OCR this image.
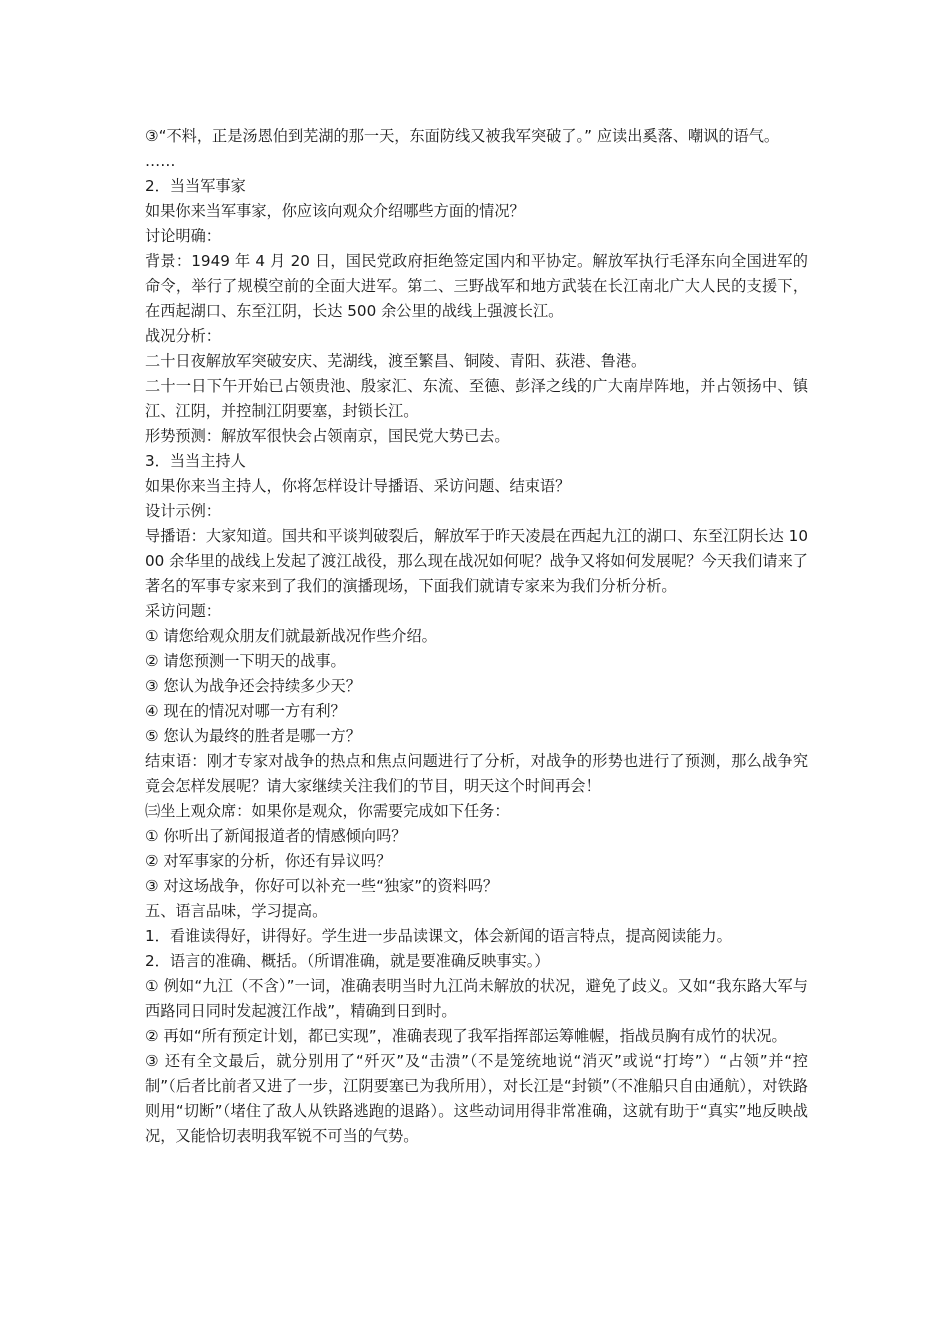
③“不料，正是汤恩伯到芜湖的那一天，东面防线又被我军突破了。” 应读出奚落、嘲讽的语气。

……

2．当当军事家

如果你来当军事家，你应该向观众介绍哪些方面的情况？

讨论明确：

背景：1949 年 4 月 20 日，国民党政府拒绝签定国内和平协定。解放军执行毛泽东向全国进军的命令，举行了规模空前的全面大进军。第二、三野战军和地方武装在长江南北广大人民的支援下，在西起湖口、东至江阴，长达 500 余公里的战线上强渡长江。

战况分析：

二十日夜解放军突破安庆、芜湖线，渡至繁昌、铜陵、青阳、荻港、鲁港。

二十一日下午开始已占领贵池、殷家汇、东流、至德、彭泽之线的广大南岸阵地，并占领扬中、镇江、江阴，并控制江阴要塞，封锁长江。

形势预测：解放军很快会占领南京，国民党大势已去。

3．当当主持人

如果你来当主持人，你将怎样设计导播语、采访问题、结束语？

设计示例：

导播语：大家知道。国共和平谈判破裂后，解放军于昨天凌晨在西起九江的湖口、东至江阴长达 1000 余华里的战线上发起了渡江战役，那么现在战况如何呢？战争又将如何发展呢？今天我们请来了著名的军事专家来到了我们的演播现场，下面我们就请专家来为我们分析分析。

采访问题：

① 请您给观众朋友们就最新战况作些介绍。

② 请您预测一下明天的战事。

③ 您认为战争还会持续多少天？

④ 现在的情况对哪一方有利？

⑤ 您认为最终的胜者是哪一方？

结束语：刚才专家对战争的热点和焦点问题进行了分析，对战争的形势也进行了预测，那么战争究竟会怎样发展呢？请大家继续关注我们的节目，明天这个时间再会！

㈢坐上观众席：如果你是观众，你需要完成如下任务：

① 你听出了新闻报道者的情感倾向吗？

② 对军事家的分析，你还有异议吗？

③ 对这场战争，你好可以补充一些“独家”的资料吗？

五、语言品味，学习提高。

1．看谁读得好，讲得好。学生进一步品读课文，体会新闻的语言特点，提高阅读能力。

2．语言的准确、概括。（所谓准确，就是要准确反映事实。）

① 例如“九江（不含）”一词，准确表明当时九江尚未解放的状况，避免了歧义。又如“我东路大军与西路同日同时发起渡江作战”，精确到日到时。

② 再如“所有预定计划，都已实现”，准确表现了我军指挥部运筹帷幄，指战员胸有成竹的状况。

③ 还有全文最后，就分别用了“歼灭”及“击溃”（不是笼统地说“消灭”或说“打垮”）“占领”并“控制”（后者比前者又进了一步，江阴要塞已为我所用），对长江是“封锁”（不准船只自由通航），对铁路则用“切断”（堵住了敌人从铁路逃跑的退路）。这些动词用得非常准确，这就有助于“真实”地反映战况，又能恰切表明我军锐不可当的气势。
